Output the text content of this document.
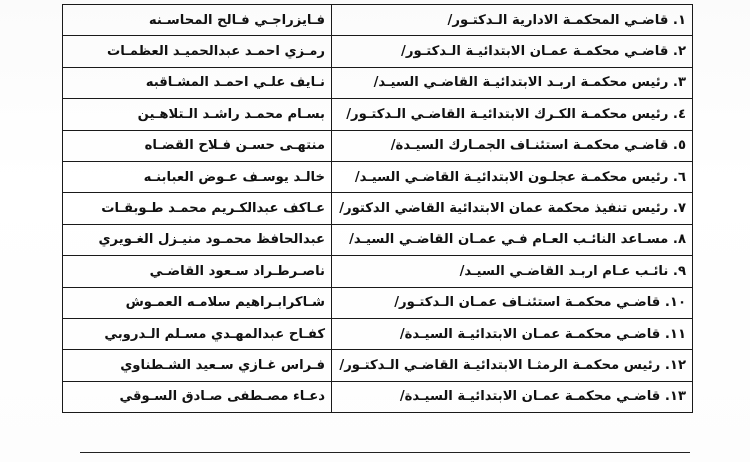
١. قاضـي المحكمـة الادارية الـدكتـور/	فـايزراجـي فـالح المحاسـنه
٢. قاضـي محكمـة عمـان الابتدائيـة الـدكتـور/	رمـزي احمـد عبدالحميـد العظمـات
٣. رئيس محكمـة اربـد الابتدائيـة القاضـي السيـد/	نـايف علـي احمـد المشـاقبه
٤. رئيس محكمـة الكـرك الابتدائيـة القاضـي الـدكتـور/	بسـام محمـد راشـد الـتلاهـين
٥. قاضـي محكمـة استئنـاف الجمـارك السيـدة/	منتهـى حسـن فـلاح القضـاه
٦. رئيس محكمـة عجلـون الابتدائيـة القاضـي السيـد/	خالـد يوسـف عـوض العبابنـه
٧. رئيس تنفيذ محكمة عمان الابتدائية القاضي الدكتور/	عـاكف عبدالكـريم محمـد طـوبقـات
٨. مسـاعد النائـب العـام فـي عمـان القاضـي السيـد/	عبدالحافظ محمـود منيـزل الغـويري
٩. نائـب عـام اربـد القاضـي السيـد/	ناصـرطـراد سـعود القاضـي
١٠. قاضـي محكمـة استئنـاف عمـان الـدكتـور/	شـاكرابـراهيم سلامـه العمـوش
١١. قاضـي محكمـة عمـان الابتدائيـة السيـدة/	كفـاح عبدالمهـدي مسـلم الـدروبي
١٢. رئيس محكمـة الرمثـا الابتدائيـة القاضـي الـدكتـور/	فـراس غـازي سـعيد الشـطناوي
١٣. قاضـي محكمـة عمـان الابتدائيـة السيـدة/	دعـاء مصـطفى صـادق السـوقي
